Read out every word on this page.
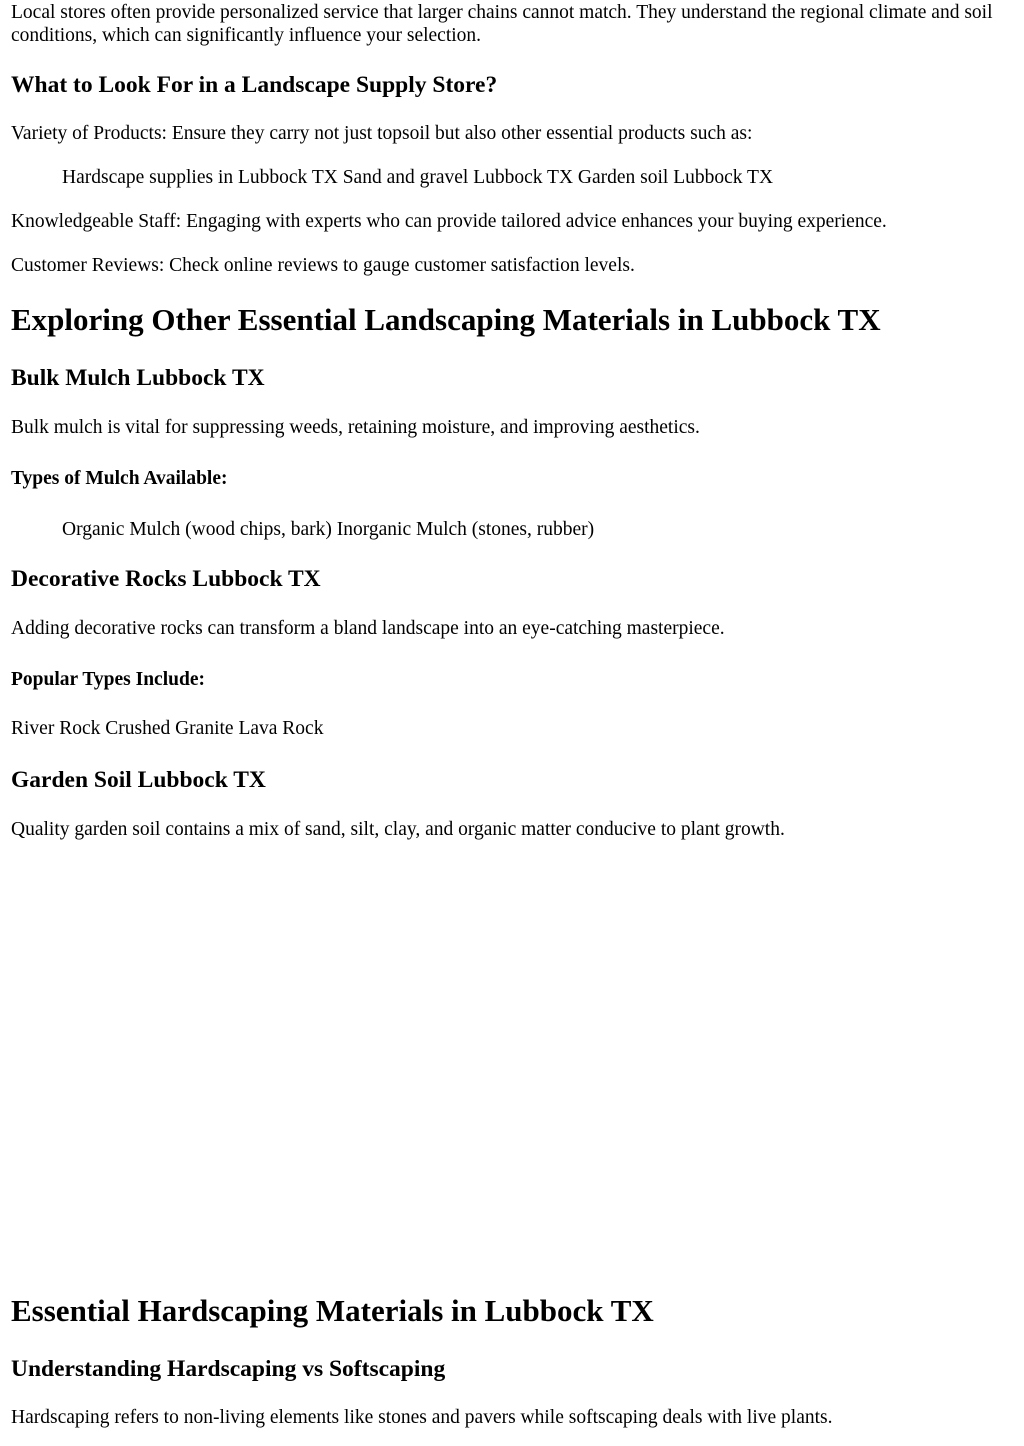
Local stores often provide personalized service that larger chains cannot match. They understand the regional climate and soil conditions, which can significantly influence your selection.

What to Look For in a Landscape Supply Store?

Variety of Products: Ensure they carry not just topsoil but also other essential products such as:

Hardscape supplies in Lubbock TX Sand and gravel Lubbock TX Garden soil Lubbock TX

Knowledgeable Staff: Engaging with experts who can provide tailored advice enhances your buying experience.

Customer Reviews: Check online reviews to gauge customer satisfaction levels.

Exploring Other Essential Landscaping Materials in Lubbock TX
Bulk Mulch Lubbock TX

Bulk mulch is vital for suppressing weeds, retaining moisture, and improving aesthetics.

Types of Mulch Available:

Organic Mulch (wood chips, bark) Inorganic Mulch (stones, rubber)

Decorative Rocks Lubbock TX

Adding decorative rocks can transform a bland landscape into an eye-catching masterpiece.

Popular Types Include:

River Rock Crushed Granite Lava Rock

Garden Soil Lubbock TX

Quality garden soil contains a mix of sand, silt, clay, and organic matter conducive to plant growth.

Essential Hardscaping Materials in Lubbock TX
Understanding Hardscaping vs Softscaping

Hardscaping refers to non-living elements like stones and pavers while softscaping deals with live plants.
